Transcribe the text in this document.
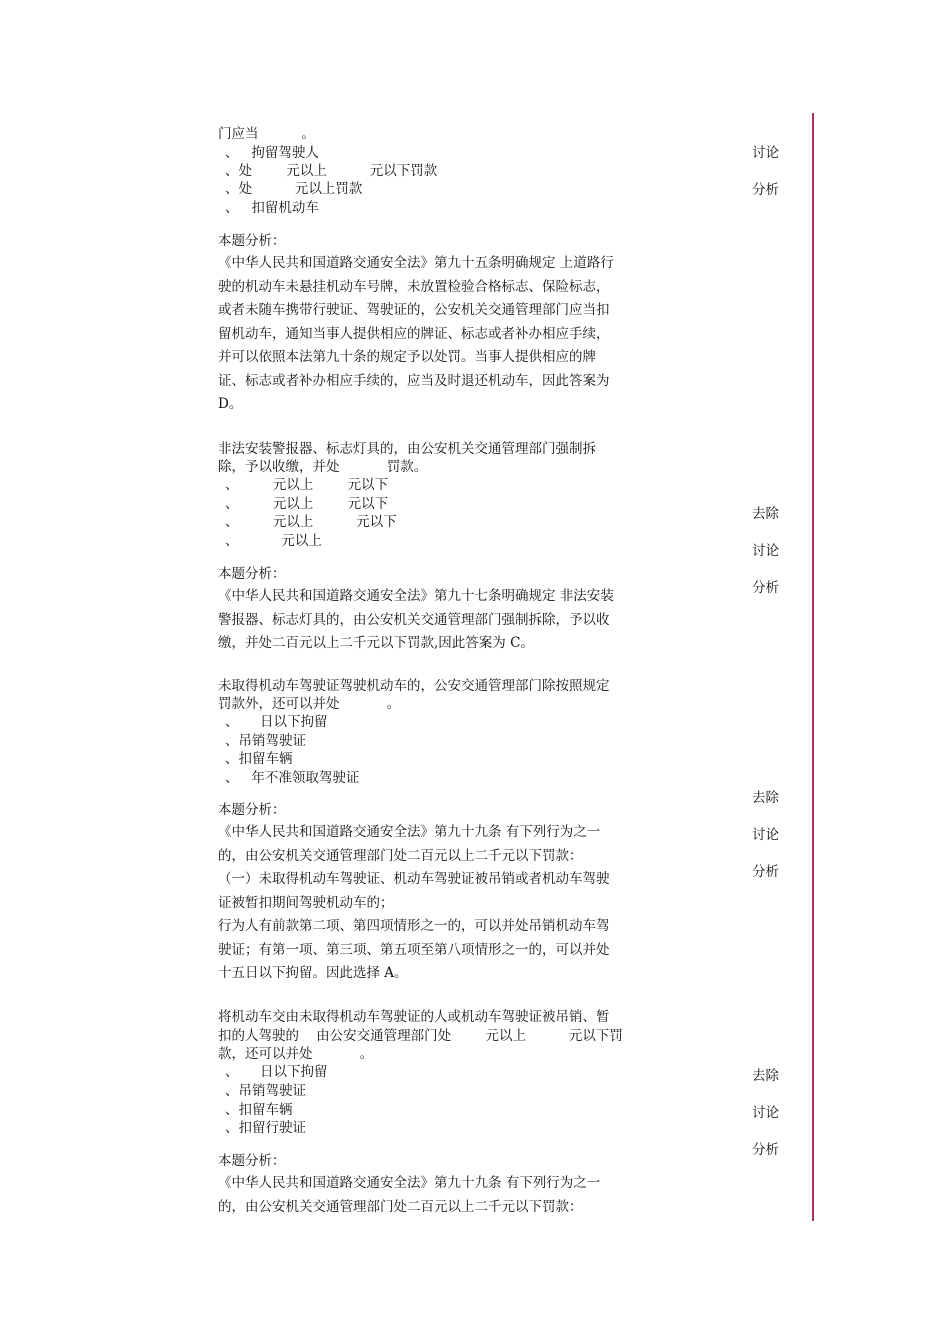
门应当          。
、   拘留驾驶人
、处        元以上          元以下罚款
、处          元以上罚款
、   扣留机动车
本题分析：
《中华人民共和国道路交通安全法》第九十五条明确规定 上道路行
驶的机动车未悬挂机动车号牌，未放置检验合格标志、保险标志，
或者未随车携带行驶证、驾驶证的，公安机关交通管理部门应当扣
留机动车，通知当事人提供相应的牌证、标志或者补办相应手续，
并可以依照本法第九十条的规定予以处罚。当事人提供相应的牌
证、标志或者补办相应手续的，应当及时退还机动车，因此答案为
D。
讨论
分析
非法安装警报器、标志灯具的，由公安机关交通管理部门强制拆
除，予以收缴，并处           罚款。
、        元以上        元以下
、        元以上        元以下
、        元以上          元以下
、          元以上
本题分析：
《中华人民共和国道路交通安全法》第九十七条明确规定 非法安装
警报器、标志灯具的，由公安机关交通管理部门强制拆除，予以收
缴，并处二百元以上二千元以下罚款,因此答案为 C。
去除
讨论
分析
未取得机动车驾驶证驾驶机动车的，公安交通管理部门除按照规定
罚款外，还可以并处           。
、     日以下拘留
、吊销驾驶证
、扣留车辆
、   年不准领取驾驶证
本题分析：
《中华人民共和国道路交通安全法》第九十九条 有下列行为之一
的，由公安机关交通管理部门处二百元以上二千元以下罚款：
（一）未取得机动车驾驶证、机动车驾驶证被吊销或者机动车驾驶
证被暂扣期间驾驶机动车的；
行为人有前款第二项、第四项情形之一的，可以并处吊销机动车驾
驶证；有第一项、第三项、第五项至第八项情形之一的，可以并处
十五日以下拘留。因此选择 A。
去除
讨论
分析
将机动车交由未取得机动车驾驶证的人或机动车驾驶证被吊销、暂
扣的人驾驶的    由公安交通管理部门处        元以上          元以下罚
款，还可以并处           。
、     日以下拘留
、吊销驾驶证
、扣留车辆
、扣留行驶证
本题分析：
《中华人民共和国道路交通安全法》第九十九条 有下列行为之一
的，由公安机关交通管理部门处二百元以上二千元以下罚款：
去除
讨论
分析
